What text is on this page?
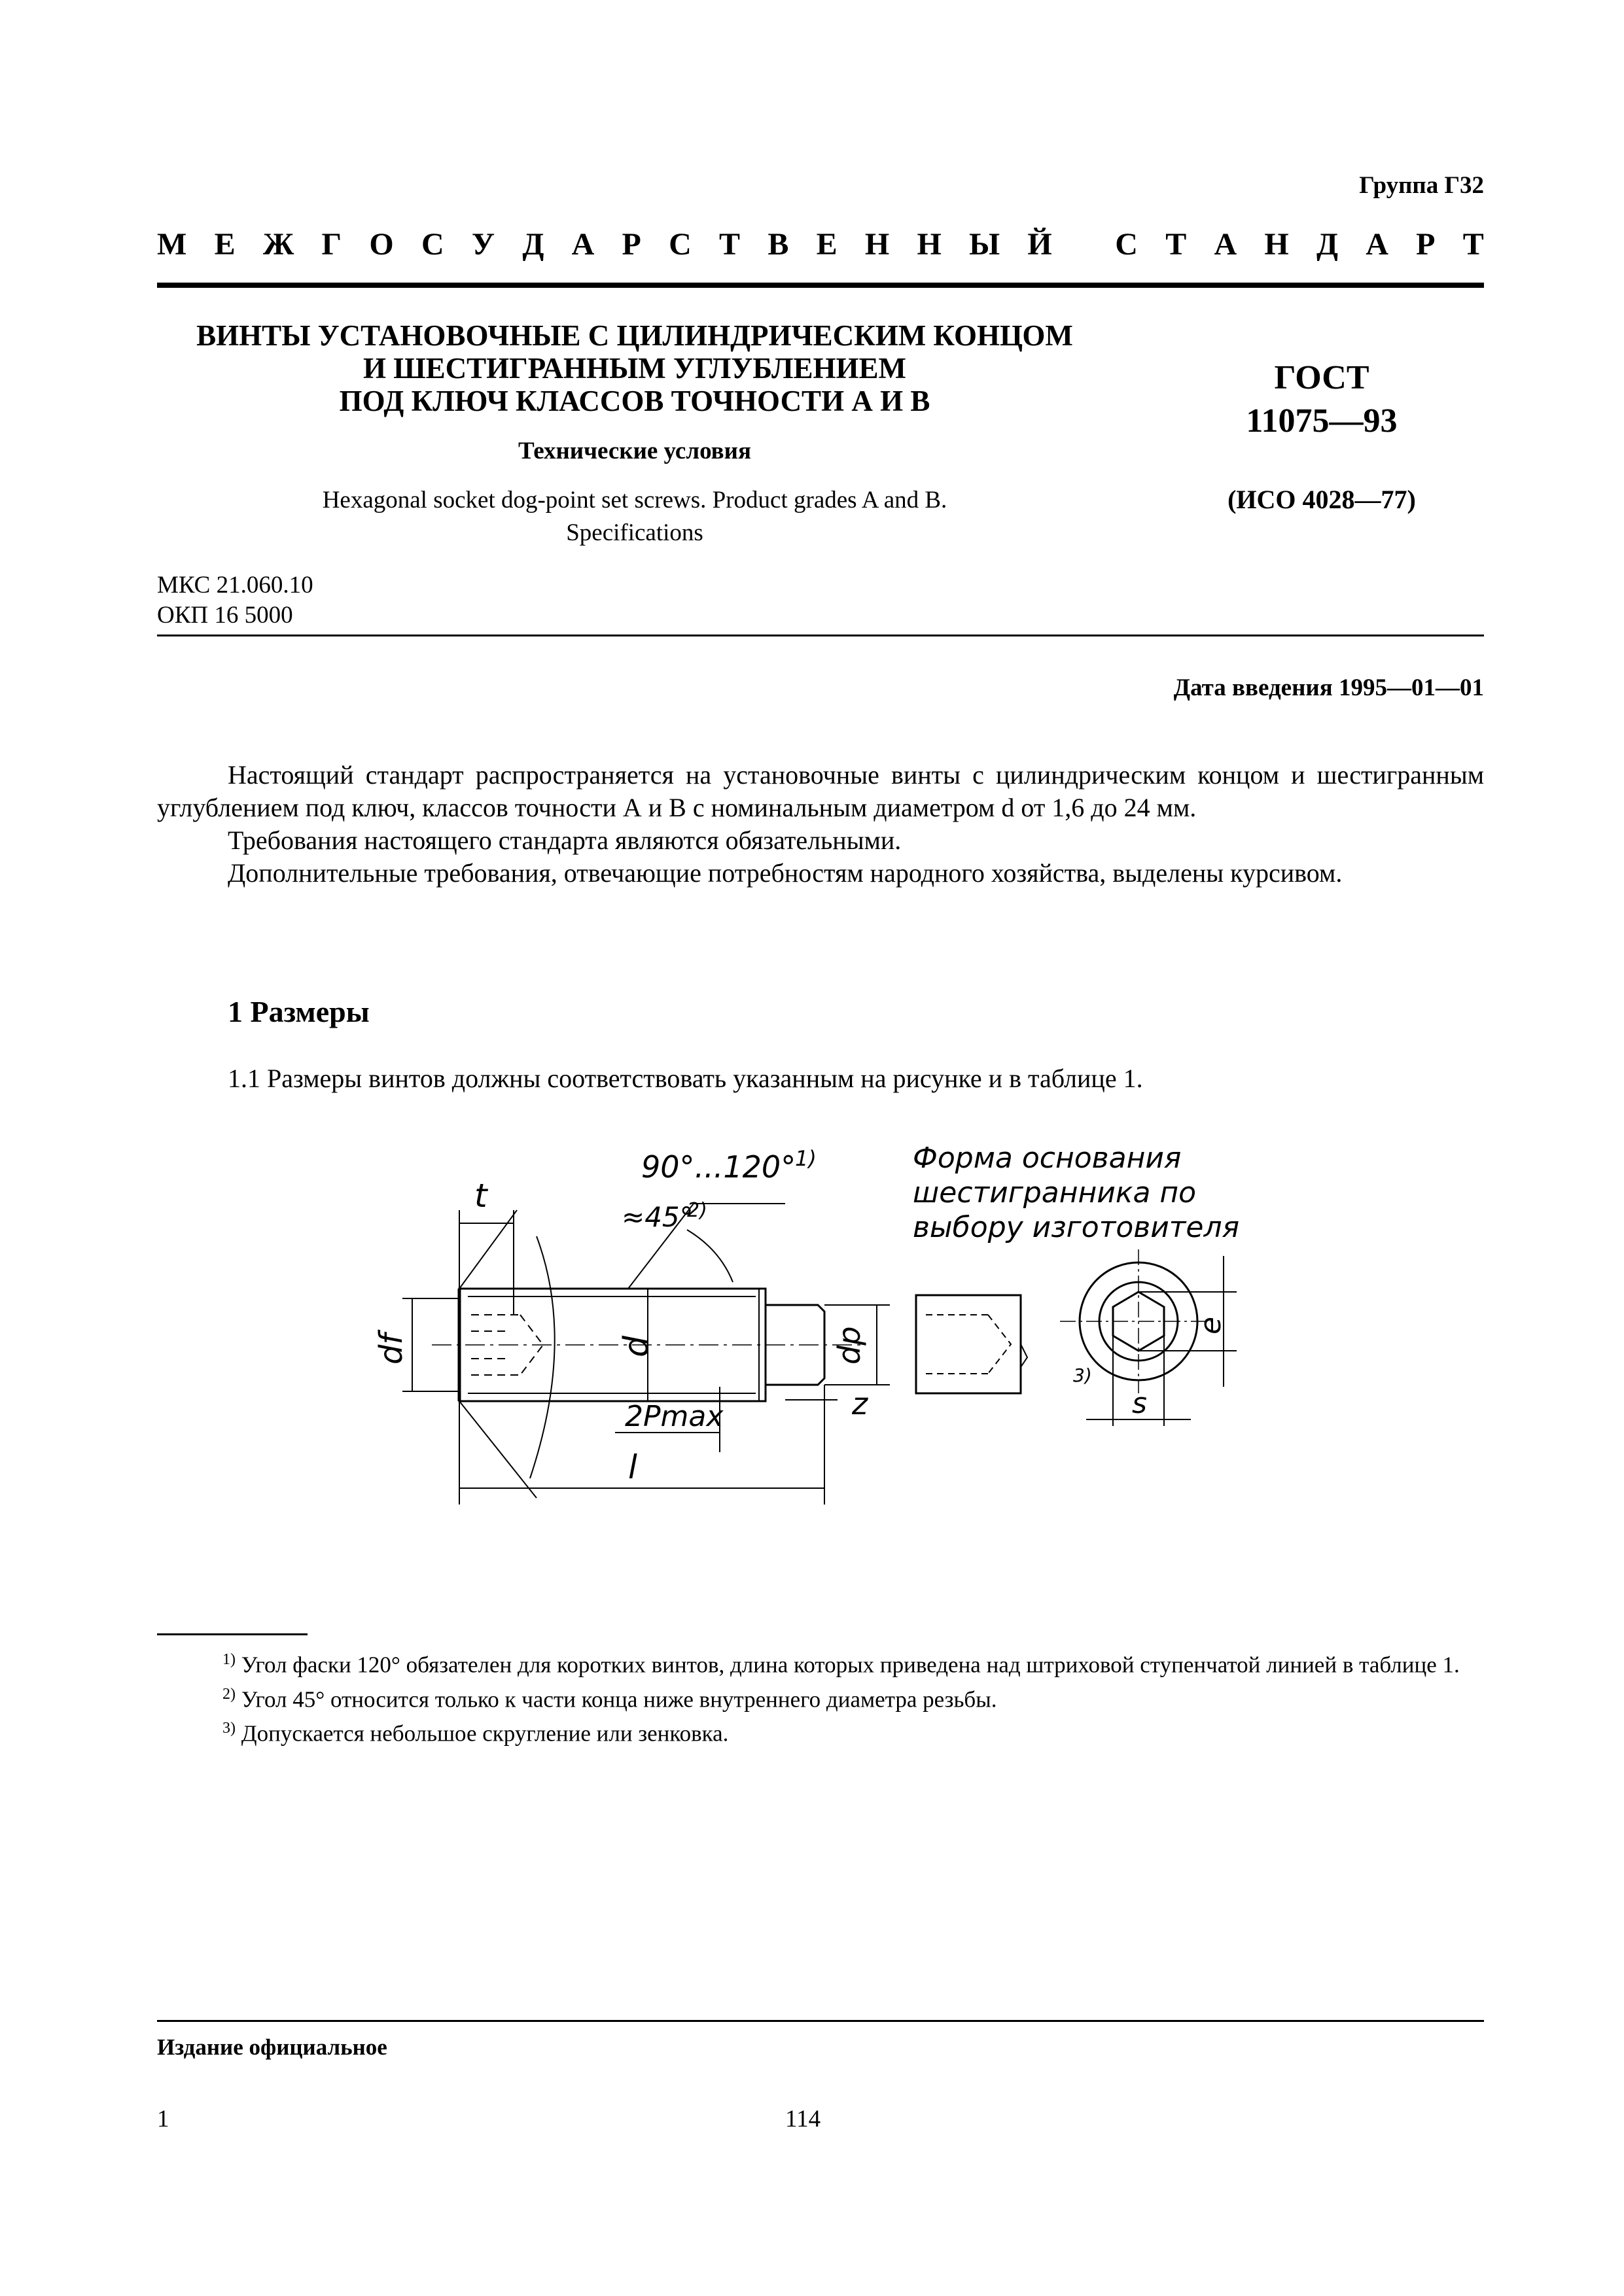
Группа Г32
М Е Ж Г О С У Д А Р С Т В Е Н Н Ы Й
С Т А Н Д А Р Т
ВИНТЫ УСТАНОВОЧНЫЕ С ЦИЛИНДРИЧЕСКИМ КОНЦОМ
И ШЕСТИГРАННЫМ УГЛУБЛЕНИЕМ
ПОД КЛЮЧ КЛАССОВ ТОЧНОСТИ А И В
Технические условия
Hexagonal socket dog-point set screws. Product grades A and B.
Specifications
ГОСТ
11075—93
(ИСО 4028—77)
МКС 21.060.10
ОКП 16 5000
Дата введения 1995—01—01

Настоящий стандарт распространяется на установочные винты с цилиндрическим концом и шестигранным углублением под ключ, классов точности А и В с номинальным диаметром d от 1,6 до 24 мм.

Требования настоящего стандарта являются обязательными.

Дополнительные требования, отвечающие потребностям народного хозяйства, выделены курсивом.

1 Размеры
1.1 Размеры винтов должны соответствовать указанным на рисунке и в таблице 1.
d
df	dp
z
2Pmax
l
t
90°...120°
1)
≈45°
2)
Форма основания
шестигранника по
выбору изготовителя
3)
e
s

$^{1)}$ Угол фаски 120° обязателен для коротких винтов, длина которых приведена над штриховой ступенчатой линией в таблице 1.

$^{2)}$ Угол 45° относится только к части конца ниже внутреннего диаметра резьбы.

$^{3)}$ Допускается небольшое скругление или зенковка.

Издание официальное
1	114
